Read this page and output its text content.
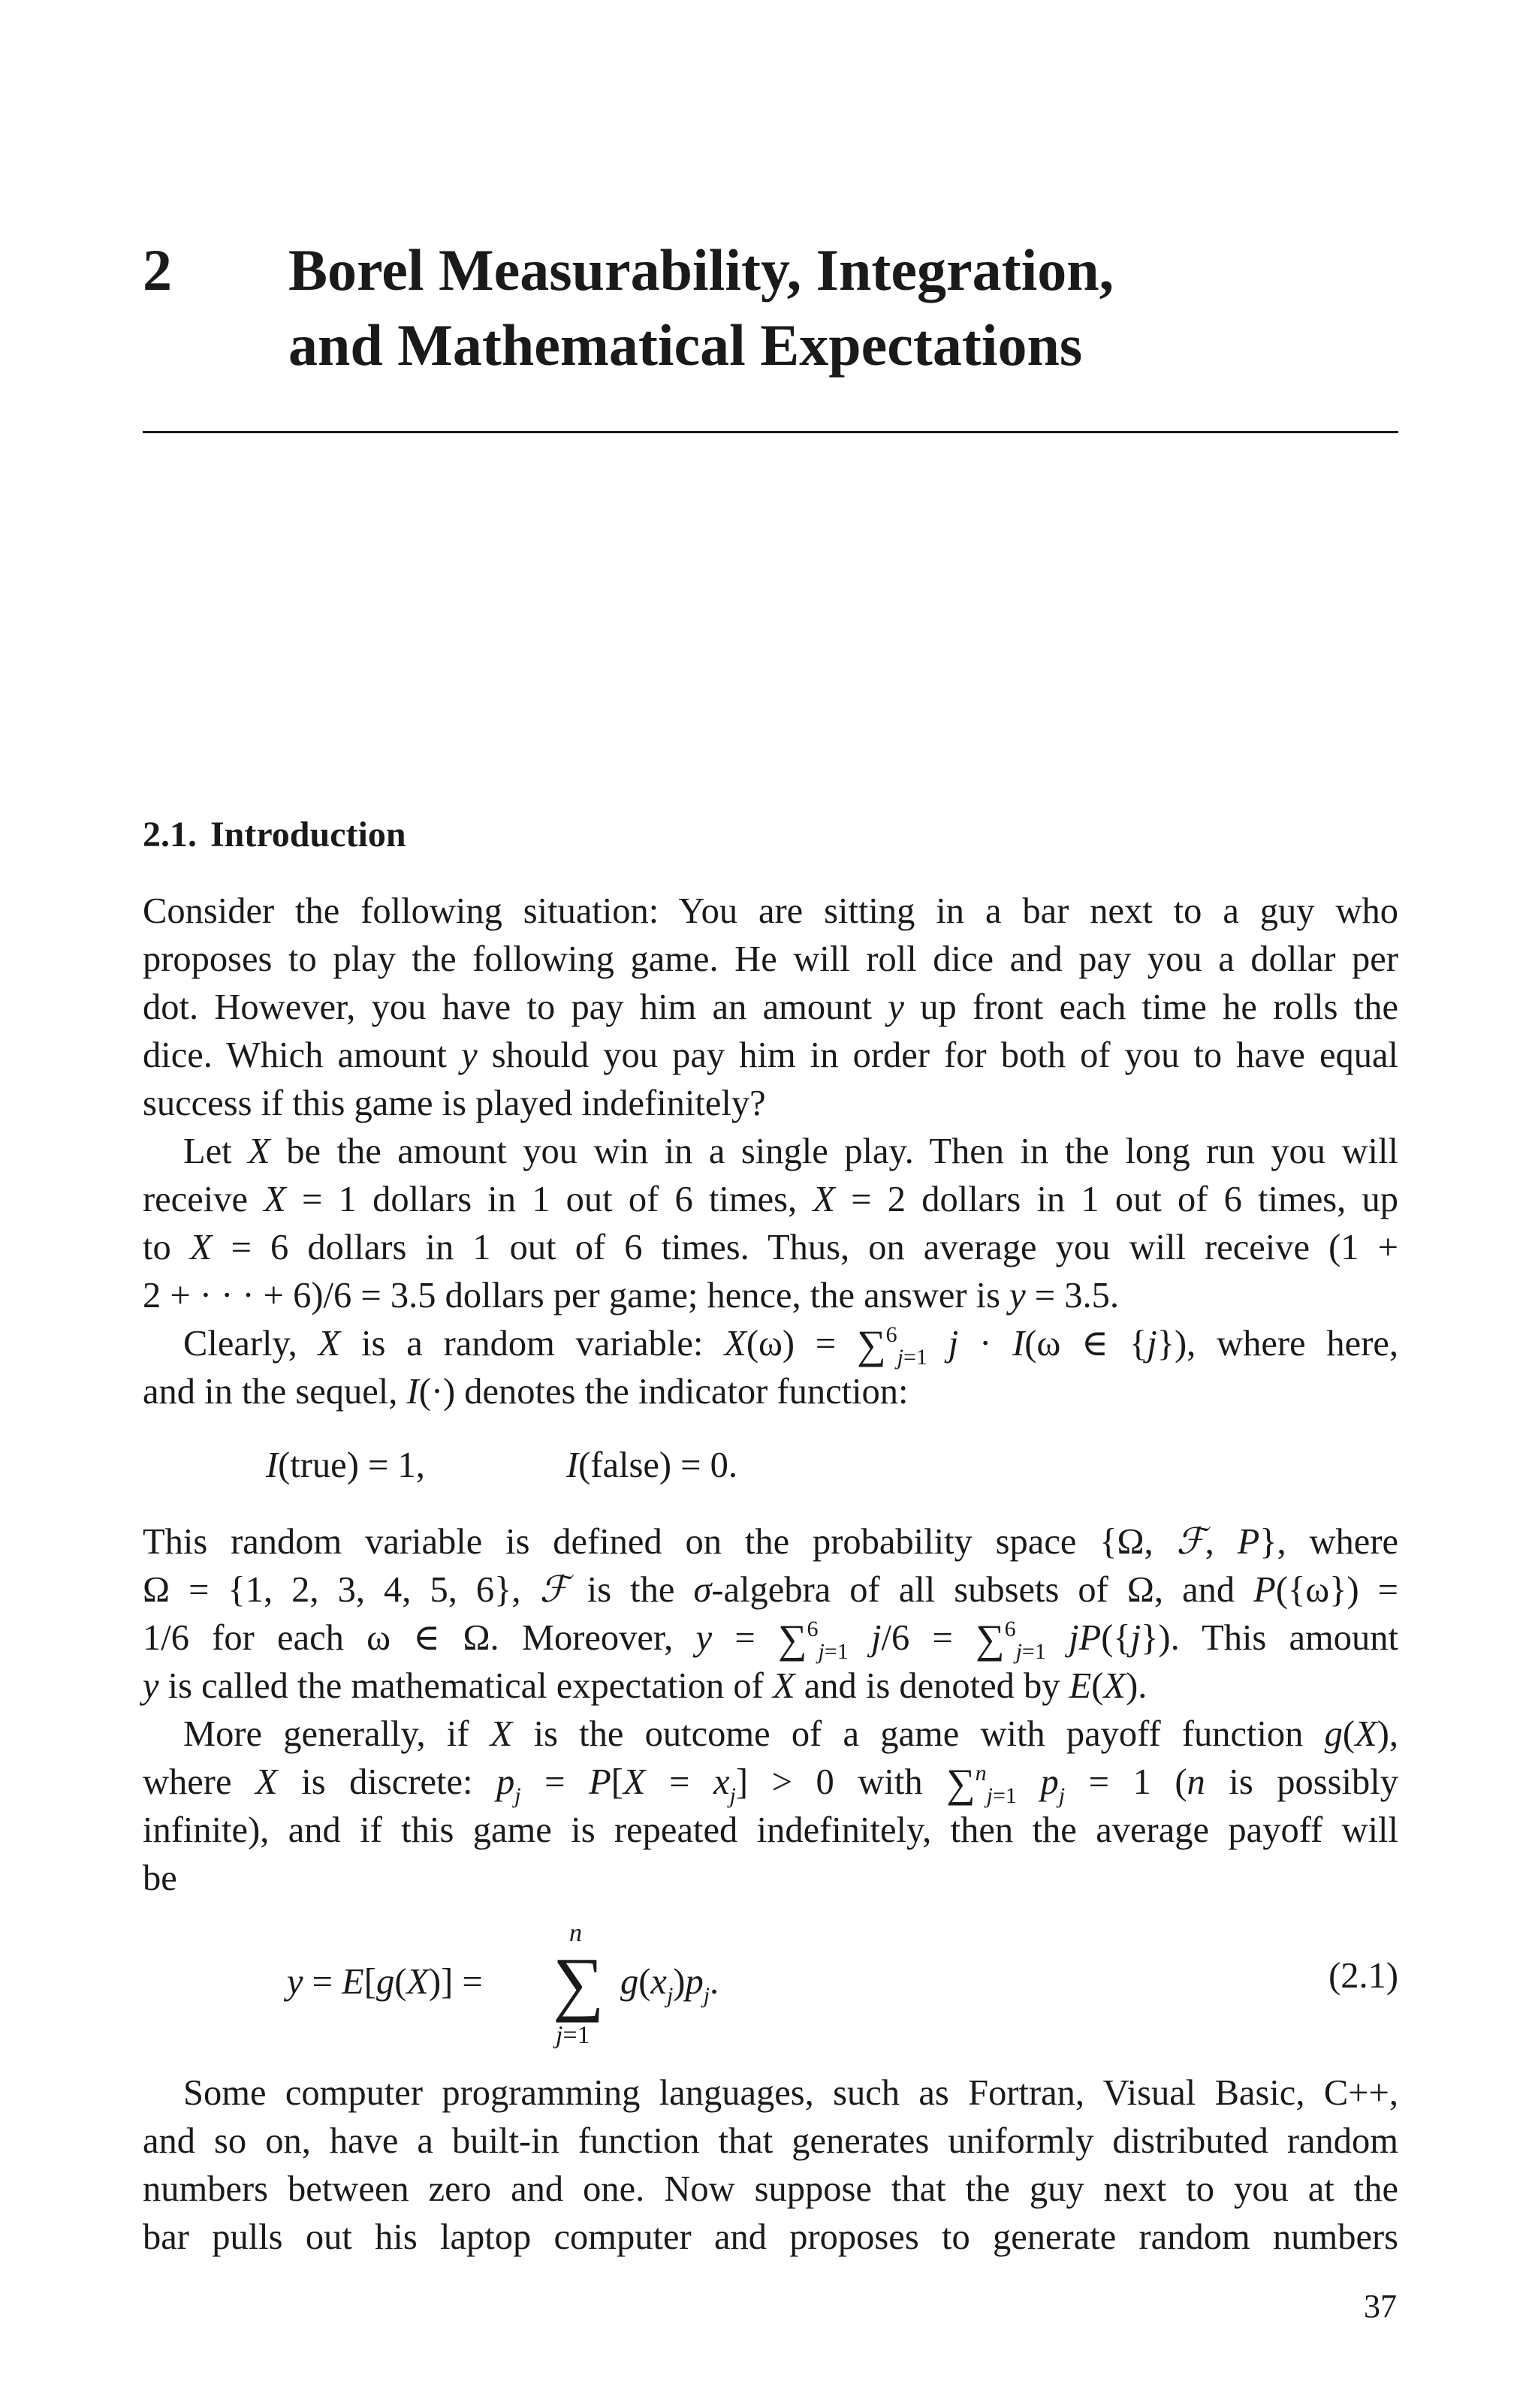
2 Borel Measurability, Integration,
and Mathematical Expectations
2.1. Introduction
Consider the following situation: You are sitting in a bar next to a guy who
proposes to play the following game. He will roll dice and pay you a dollar per
dot. However, you have to pay him an amount y up front each time he rolls the
dice. Which amount y should you pay him in order for both of you to have equal
success if this game is played indefinitely?
Let X be the amount you win in a single play. Then in the long run you will
receive X = 1 dollars in 1 out of 6 times, X = 2 dollars in 1 out of 6 times, up
to X = 6 dollars in 1 out of 6 times. Thus, on average you will receive (1 +
2 + · · · + 6)/6 = 3.5 dollars per game; hence, the answer is y = 3.5.
Clearly, X is a random variable: X(ω) = ∑$^6_{j=1}$ j · I(ω ∈ {j}), where here,
and in the sequel, I(·) denotes the indicator function:
I(true) = 1,	I(false) = 0.
This random variable is defined on the probability space {Ω, ℱ, P}, where
Ω = {1, 2, 3, 4, 5, 6}, ℱ is the σ-algebra of all subsets of Ω, and P({ω}) =
1/6 for each ω ∈ Ω. Moreover, y = ∑$^6_{j=1}$ j/6 = ∑$^6_{j=1}$ jP({j}). This amount
y is called the mathematical expectation of X and is denoted by E(X).
More generally, if X is the outcome of a game with payoff function g(X),
where X is discrete: $p_j = P[X = x_j] > 0$ with ∑$^n_{j=1}$ $p_j = 1$ (n is possibly
infinite), and if this game is repeated indefinitely, then the average payoff will
be
y = E[g(X)] =
n
∑
j=1
$g(x_j)p_j$.	(2.1)
Some computer programming languages, such as Fortran, Visual Basic, C++,
and so on, have a built-in function that generates uniformly distributed random
numbers between zero and one. Now suppose that the guy next to you at the
bar pulls out his laptop computer and proposes to generate random numbers
37
